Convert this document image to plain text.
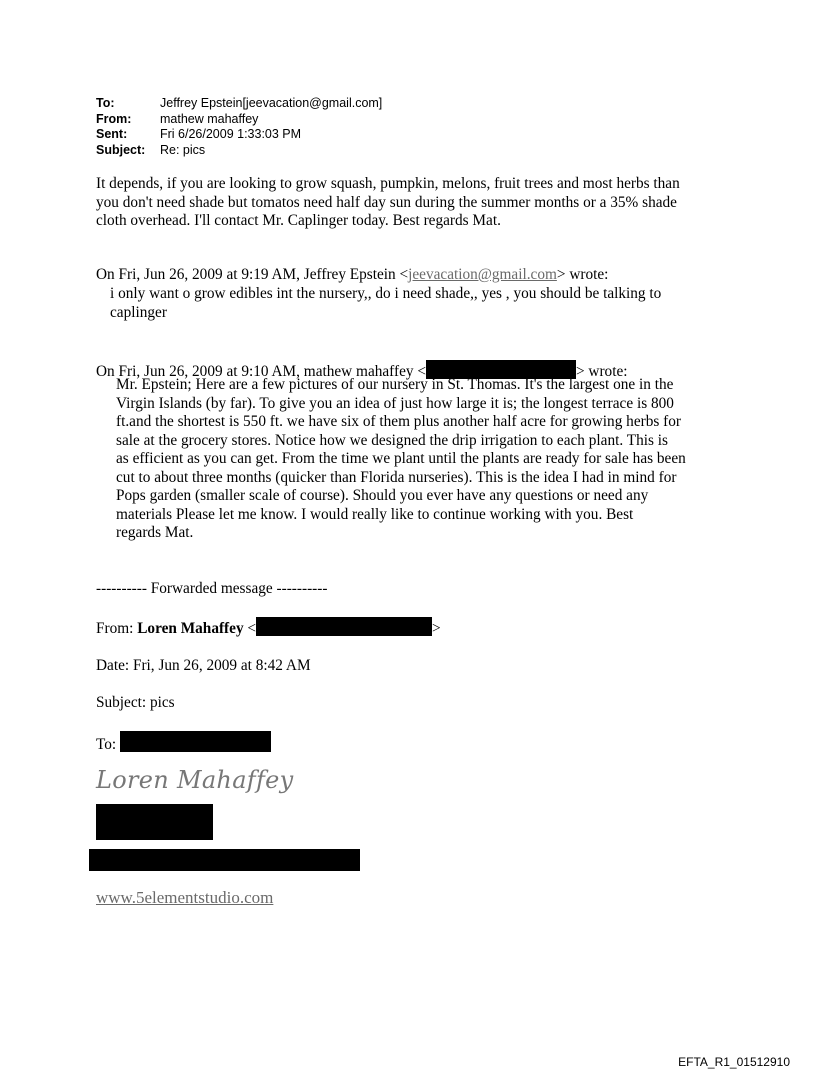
To:	Jeffrey Epstein[jeevacation@gmail.com]
From:	mathew mahaffey
Sent:	Fri 6/26/2009 1:33:03 PM
Subject:	Re: pics
It depends, if you are looking to grow squash, pumpkin, melons, fruit trees and most herbs than
you don't need shade but tomatos need half day sun during the summer months or a 35% shade
cloth overhead. I'll contact Mr. Caplinger today. Best regards Mat.

On Fri, Jun 26, 2009 at 9:19 AM, Jeffrey Epstein <jeevacation@gmail.com> wrote:

i only want o grow edibles int the nursery,, do i need shade,, yes , you should be talking to
caplinger

On Fri, Jun 26, 2009 at 9:10 AM, mathew mahaffey <	> wrote:

Mr. Epstein; Here are a few pictures of our nursery in St. Thomas. It's the largest one in the
Virgin Islands (by far). To give you an idea of just how large it is; the longest terrace is 800
ft.and the shortest is 550 ft. we have six of them plus another half acre for growing herbs for
sale at the grocery stores. Notice how we designed the drip irrigation to each plant. This is
as efficient as you can get. From the time we plant until the plants are ready for sale has been
cut to about three months (quicker than Florida nurseries). This is the idea I had in mind for
Pops garden (smaller scale of course). Should you ever have any questions or need any
materials Please let me know. I would really like to continue working with you. Best
regards Mat.

---------- Forwarded message ----------

From: Loren Mahaffey <	>

Date: Fri, Jun 26, 2009 at 8:42 AM

Subject: pics

To:

Loren Mahaffey
www.5elementstudio.com
EFTA_R1_01512910
